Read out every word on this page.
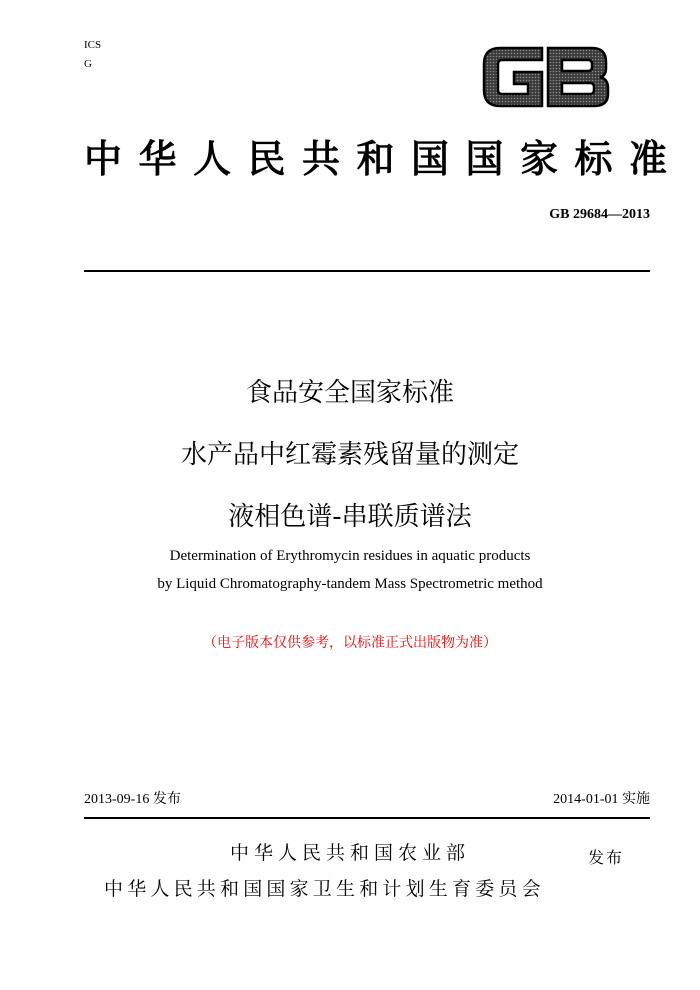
ICS
G
中华人民共和国国家标准
GB 29684—2013
食品安全国家标准
水产品中红霉素残留量的测定
液相色谱-串联质谱法
Determination of Erythromycin residues in aquatic products
by Liquid Chromatography-tandem Mass Spectrometric method
（电子版本仅供参考，以标准正式出版物为准）
2013-09-16 发布	2014-01-01 实施
中华人民共和国农业部	发布
中华人民共和国国家卫生和计划生育委员会
